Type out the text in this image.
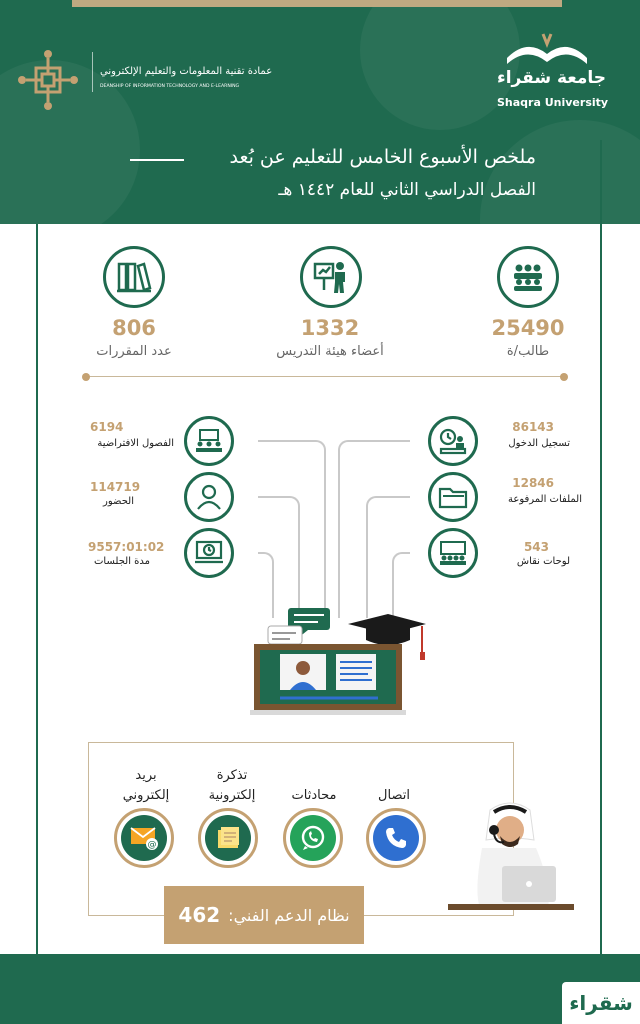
عمادة تقنية المعلومات والتعليم الإلكتروني
DEANSHIP OF INFORMATION TECHNOLOGY AND E-LEARNING	جامعة شقراء
Shaqra University
ملخص الأسبوع الخامس للتعليم عن بُعد
الفصل الدراسي الثاني للعام ١٤٤٢ هـ
25490
طالب/ة
1332
أعضاء هيئة التدريس
806
عدد المقررات
86143
تسجيل الدخول
12846
الملفات المرفوعة
543
لوحات نقاش
6194
الفصول الافتراضية
114719
الحضور
9557:01:02
مدة الجلسات
اتصال
محادثات
تذكرة
إلكترونية
بريد
إلكتروني
@
نظام الدعم الفني:
462
شقراء
